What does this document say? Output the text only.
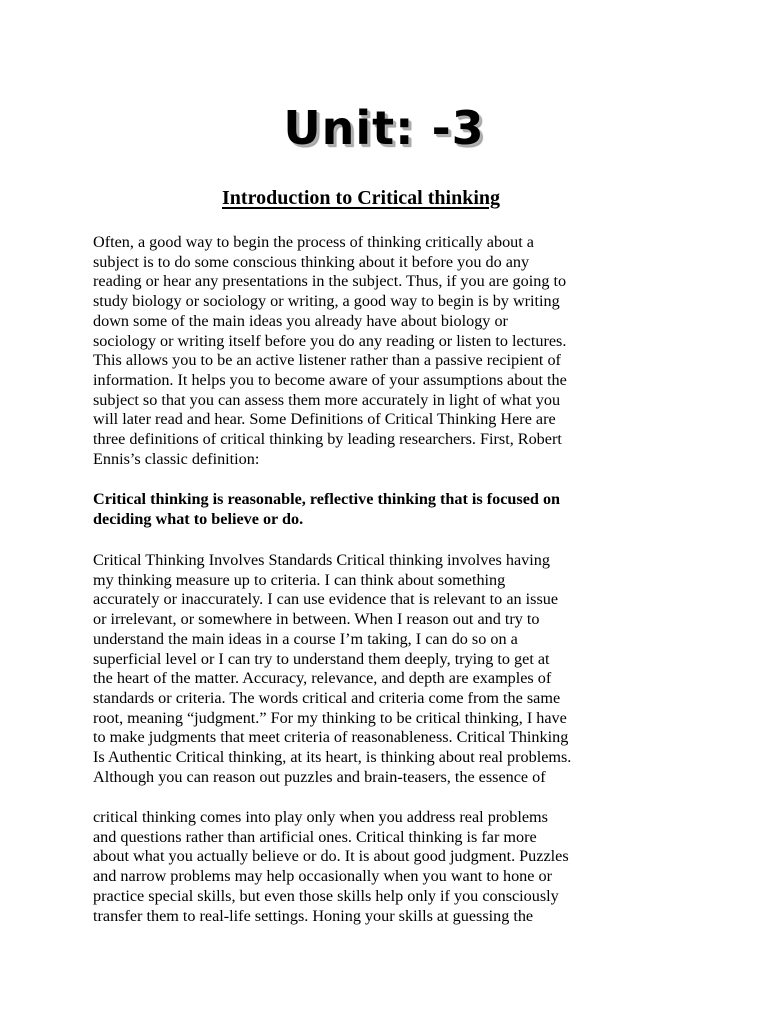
Unit: -3
Introduction to Critical thinking
Often, a good way to begin the process of thinking critically about a
subject is to do some conscious thinking about it before you do any
reading or hear any presentations in the subject. Thus, if you are going to
study biology or sociology or writing, a good way to begin is by writing
down some of the main ideas you already have about biology or
sociology or writing itself before you do any reading or listen to lectures.
This allows you to be an active listener rather than a passive recipient of
information. It helps you to become aware of your assumptions about the
subject so that you can assess them more accurately in light of what you
will later read and hear. Some Definitions of Critical Thinking Here are
three definitions of critical thinking by leading researchers. First, Robert
Ennis’s classic definition:
Critical thinking is reasonable, reflective thinking that is focused on
deciding what to believe or do.
Critical Thinking Involves Standards Critical thinking involves having
my thinking measure up to criteria. I can think about something
accurately or inaccurately. I can use evidence that is relevant to an issue
or irrelevant, or somewhere in between. When I reason out and try to
understand the main ideas in a course I’m taking, I can do so on a
superficial level or I can try to understand them deeply, trying to get at
the heart of the matter. Accuracy, relevance, and depth are examples of
standards or criteria. The words critical and criteria come from the same
root, meaning “judgment.” For my thinking to be critical thinking, I have
to make judgments that meet criteria of reasonableness. Critical Thinking
Is Authentic Critical thinking, at its heart, is thinking about real problems.
Although you can reason out puzzles and brain-teasers, the essence of
critical thinking comes into play only when you address real problems
and questions rather than artificial ones. Critical thinking is far more
about what you actually believe or do. It is about good judgment. Puzzles
and narrow problems may help occasionally when you want to hone or
practice special skills, but even those skills help only if you consciously
transfer them to real-life settings. Honing your skills at guessing the
